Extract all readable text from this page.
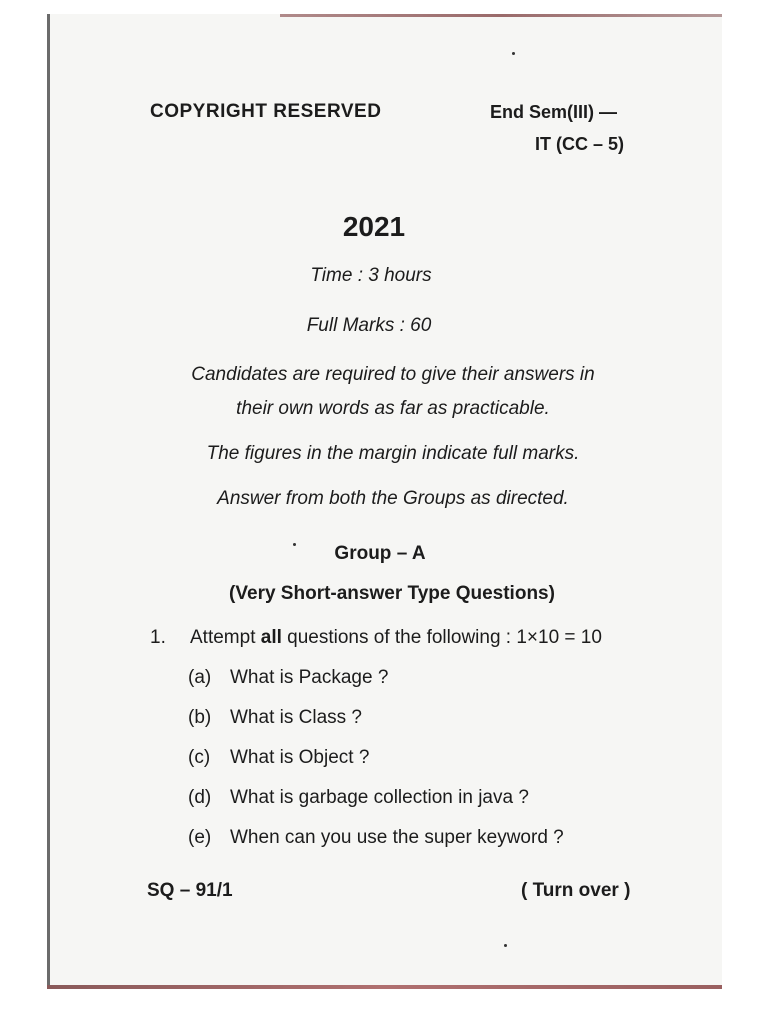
COPYRIGHT RESERVED	End Sem(III) —
IT (CC – 5)
2021
Time : 3 hours
Full Marks : 60
Candidates are required to give their answers in
their own words as far as practicable.
The figures in the margin indicate full marks.
Answer from both the Groups as directed.
Group – A
(Very Short-answer Type Questions)
1. Attempt all questions of the following : 1×10 = 10
(a) What is Package ?
(b) What is Class ?
(c) What is Object ?
(d) What is garbage collection in java ?
(e) When can you use the super keyword ?
SQ – 91/1	( Turn over )
